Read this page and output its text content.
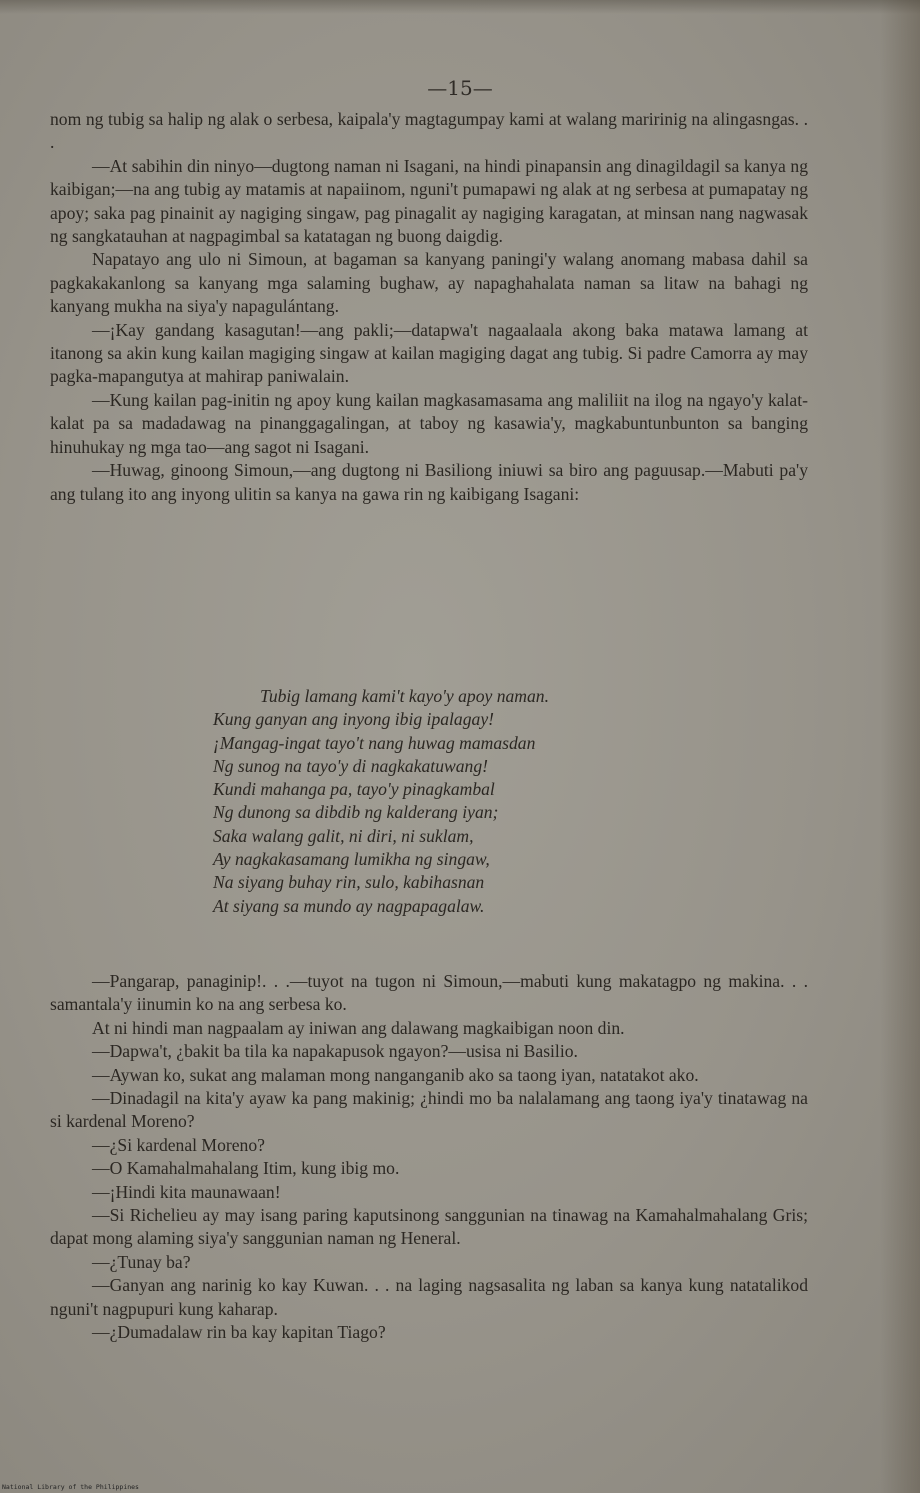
—15—

nom ng tubig sa halip ng alak o serbesa, kaipala'y magtagumpay kami at walang maririnig na alingasngas. . .

—At sabihin din ninyo—dugtong naman ni Isagani, na hindi pinapansin ang dinagildagil sa kanya ng kaibigan;—na ang tubig ay matamis at napaiinom, nguni't pumapawi ng alak at ng serbesa at pumapatay ng apoy; saka pag pinainit ay nagiging singaw, pag pinagalit ay nagiging karagatan, at minsan nang nagwasak ng sangkatauhan at nagpagimbal sa katatagan ng buong daigdig.

Napatayo ang ulo ni Simoun, at bagaman sa kanyang paningi'y walang anomang mabasa dahil sa pagkakakanlong sa kanyang mga salaming bughaw, ay napaghahalata naman sa litaw na bahagi ng kanyang mukha na siya'y napagulántang.

—¡Kay gandang kasagutan!—ang pakli;—datapwa't nagaalaala akong baka matawa lamang at itanong sa akin kung kailan magiging singaw at kailan magiging dagat ang tubig. Si padre Camorra ay may pagka-mapangutya at mahirap paniwalain.

—Kung kailan pag-initin ng apoy kung kailan magkasamasama ang maliliit na ilog na ngayo'y kalat-kalat pa sa madadawag na pinanggagalingan, at taboy ng kasawia'y, magkabuntunbunton sa banging hinuhukay ng mga tao—ang sagot ni Isagani.

—Huwag, ginoong Simoun,—ang dugtong ni Basiliong iniuwi sa biro ang paguusap.—Mabuti pa'y ang tulang ito ang inyong ulitin sa kanya na gawa rin ng kaibigang Isagani:

Tubig lamang kami't kayo'y apoy naman.
Kung ganyan ang inyong ibig ipalagay!
¡Mangag-ingat tayo't nang huwag mamasdan
Ng sunog na tayo'y di nagkakatuwang!
Kundi mahanga pa, tayo'y pinagkambal
Ng dunong sa dibdib ng kalderang iyan;
Saka walang galit, ni diri, ni suklam,
Ay nagkakasamang lumikha ng singaw,
Na siyang buhay rin, sulo, kabihasnan
At siyang sa mundo ay nagpapagalaw.

—Pangarap, panaginip!. . .—tuyot na tugon ni Simoun,—mabuti kung makatagpo ng makina. . . samantala'y iinumin ko na ang serbesa ko.

At ni hindi man nagpaalam ay iniwan ang dalawang magkaibigan noon din.

—Dapwa't, ¿bakit ba tila ka napakapusok ngayon?—usisa ni Basilio.

—Aywan ko, sukat ang malaman mong nanganganib ako sa taong iyan, natatakot ako.

—Dinadagil na kita'y ayaw ka pang makinig; ¿hindi mo ba nalalamang ang taong iya'y tinatawag na si kardenal Moreno?

—¿Si kardenal Moreno?

—O Kamahalmahalang Itim, kung ibig mo.

—¡Hindi kita maunawaan!

—Si Richelieu ay may isang paring kaputsinong sanggunian na tinawag na Kamahalmahalang Gris; dapat mong alaming siya'y sanggunian naman ng Heneral.

—¿Tunay ba?

—Ganyan ang narinig ko kay Kuwan. . . na laging nagsasalita ng laban sa kanya kung natatalikod nguni't nagpupuri kung kaharap.

—¿Dumadalaw rin ba kay kapitan Tiago?

National Library of the Philippines
